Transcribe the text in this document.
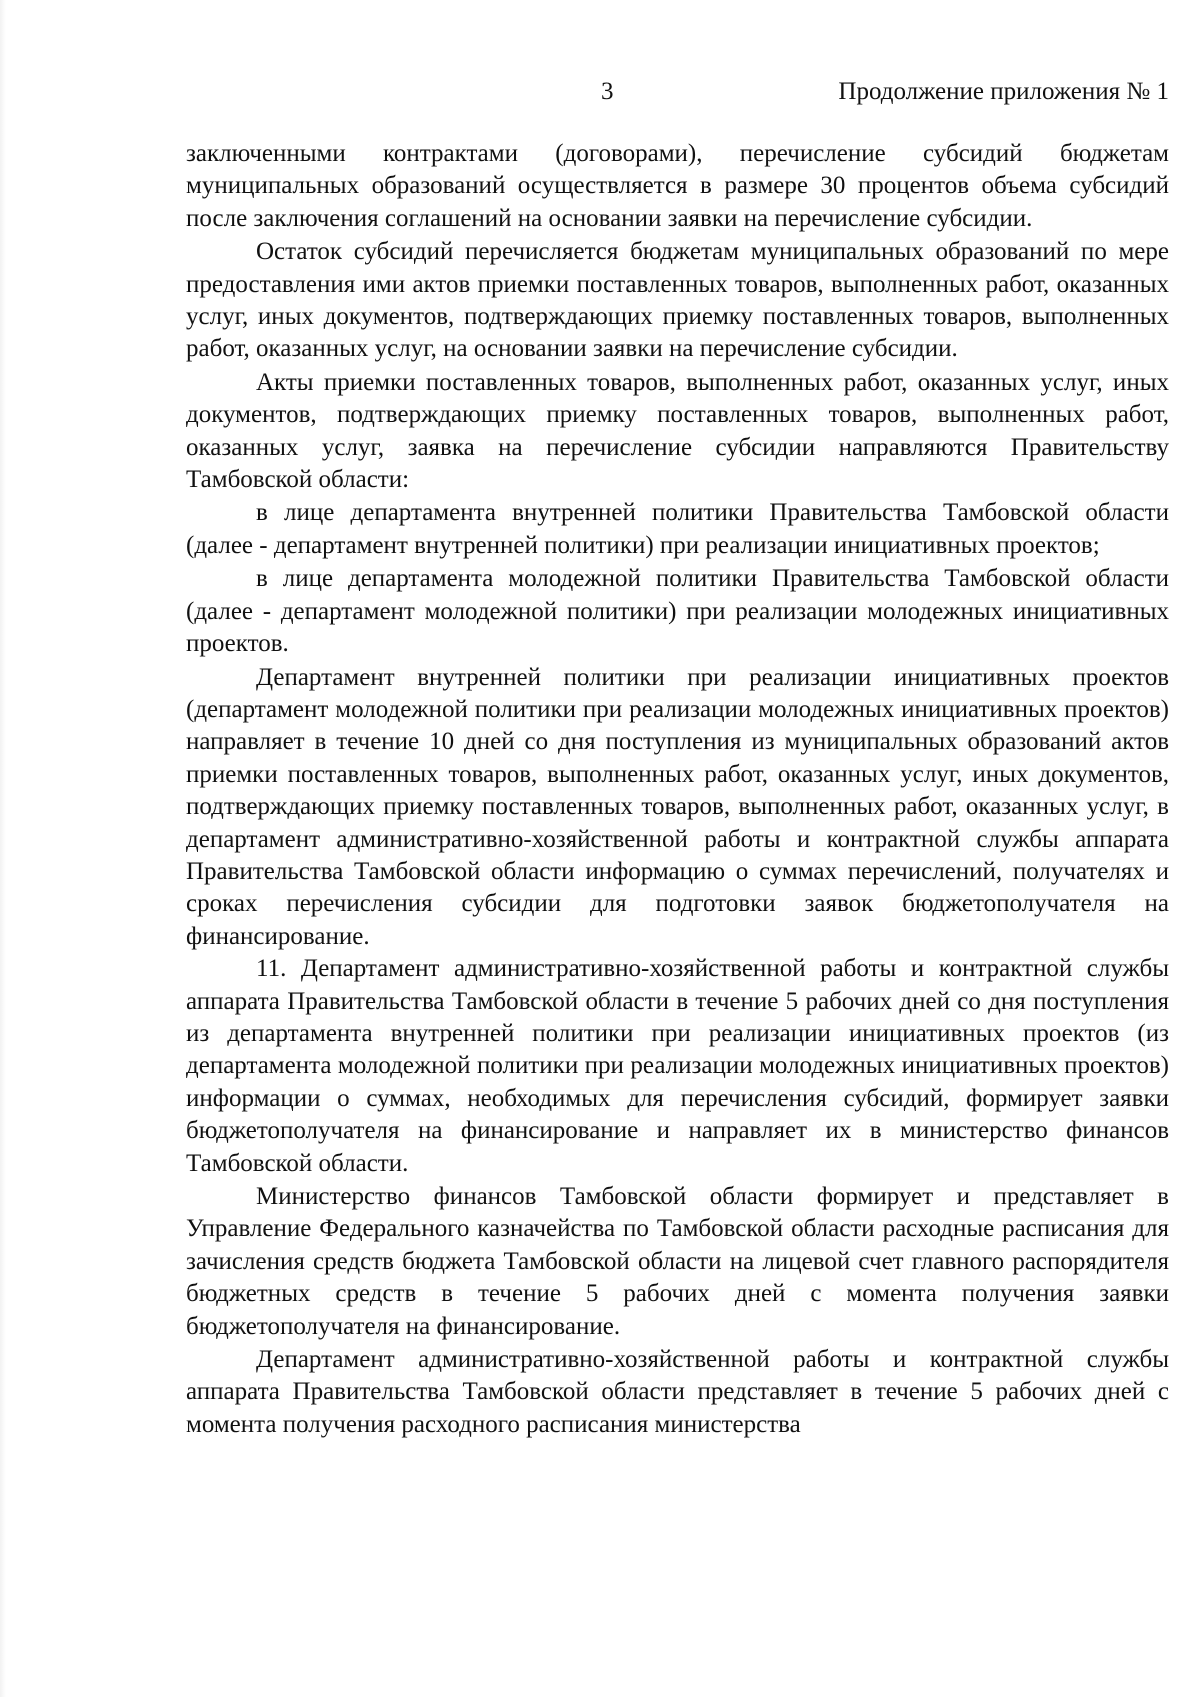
3	Продолжение приложения № 1

заключенными контрактами (договорами), перечисление субсидий бюджетам муниципальных образований осуществляется в размере 30 процентов объема субсидий после заключения соглашений на основании заявки на перечисление субсидии.

Остаток субсидий перечисляется бюджетам муниципальных образований по мере предоставления ими актов приемки поставленных товаров, выполненных работ, оказанных услуг, иных документов, подтверждающих приемку поставленных товаров, выполненных работ, оказанных услуг, на основании заявки на перечисление субсидии.

Акты приемки поставленных товаров, выполненных работ, оказанных услуг, иных документов, подтверждающих приемку поставленных товаров, выполненных работ, оказанных услуг, заявка на перечисление субсидии направляются Правительству Тамбовской области:

в лице департамента внутренней политики Правительства Тамбовской области (далее - департамент внутренней политики) при реализации инициативных проектов;

в лице департамента молодежной политики Правительства Тамбовской области (далее - департамент молодежной политики) при реализации молодежных инициативных проектов.

Департамент внутренней политики при реализации инициативных проектов (департамент молодежной политики при реализации молодежных инициативных проектов) направляет в течение 10 дней со дня поступления из муниципальных образований актов приемки поставленных товаров, выполненных работ, оказанных услуг, иных документов, подтверждающих приемку поставленных товаров, выполненных работ, оказанных услуг, в департамент административно-хозяйственной работы и контрактной службы аппарата Правительства Тамбовской области информацию о суммах перечислений, получателях и сроках перечисления субсидии для подготовки заявок бюджетополучателя на финансирование.

11. Департамент административно-хозяйственной работы и контрактной службы аппарата Правительства Тамбовской области в течение 5 рабочих дней со дня поступления из департамента внутренней политики при реализации инициативных проектов (из департамента молодежной политики при реализации молодежных инициативных проектов) информации о суммах, необходимых для перечисления субсидий, формирует заявки бюджетополучателя на финансирование и направляет их в министерство финансов Тамбовской области.

Министерство финансов Тамбовской области формирует и представляет в Управление Федерального казначейства по Тамбовской области расходные расписания для зачисления средств бюджета Тамбовской области на лицевой счет главного распорядителя бюджетных средств в течение 5 рабочих дней с момента получения заявки бюджетополучателя на финансирование.

Департамент административно-хозяйственной работы и контрактной службы аппарата Правительства Тамбовской области представляет в течение 5 рабочих дней с момента получения расходного расписания министерства
